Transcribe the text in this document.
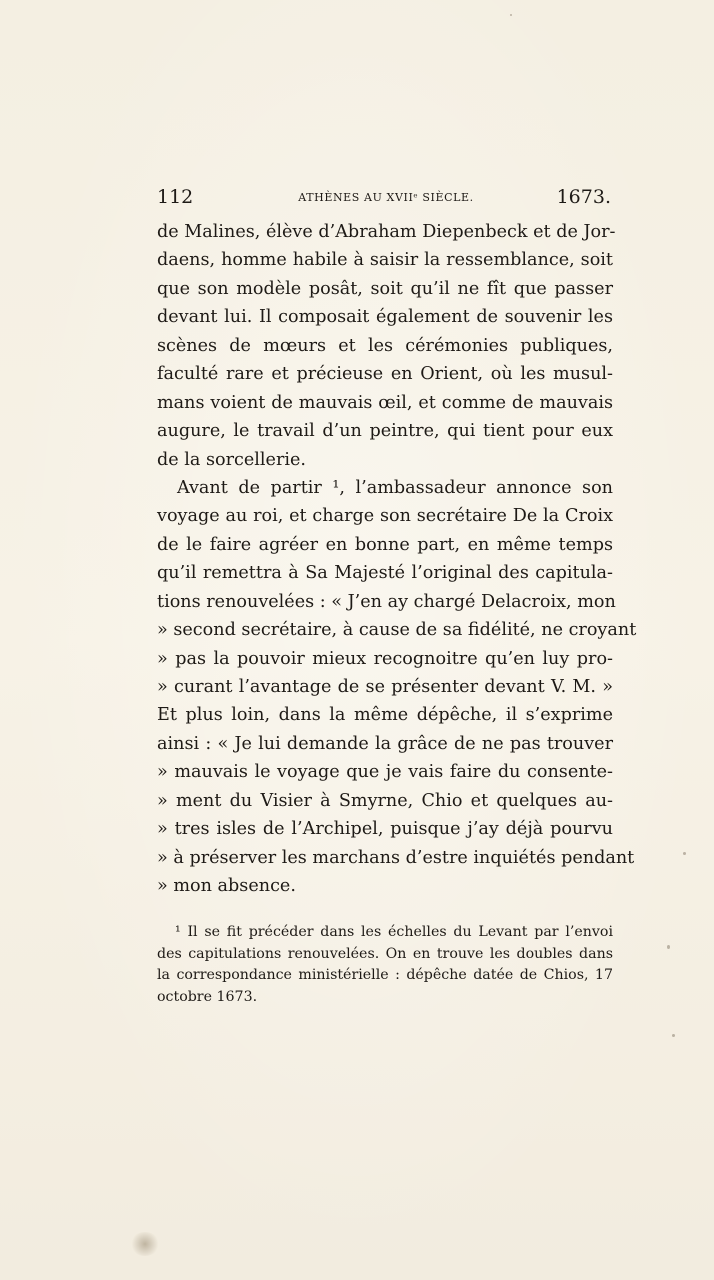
112	ATHÈNES AU XVIIᵉ SIÈCLE.	1673.
de Malines, élève d’Abraham Diepenbeck et de Jor-
daens, homme habile à saisir la ressemblance, soit
que son modèle posât, soit qu’il ne fît que passer
devant lui. Il composait également de souvenir les
scènes de mœurs et les cérémonies publiques,
faculté rare et précieuse en Orient, où les musul-
mans voient de mauvais œil, et comme de mauvais
augure, le travail d’un peintre, qui tient pour eux
de la sorcellerie.
Avant de partir ¹, l’ambassadeur annonce son
voyage au roi, et charge son secrétaire De la Croix
de le faire agréer en bonne part, en même temps
qu’il remettra à Sa Majesté l’original des capitula-
tions renouvelées : « J’en ay chargé Delacroix, mon
» second secrétaire, à cause de sa fidélité, ne croyant
» pas la pouvoir mieux recognoitre qu’en luy pro-
» curant l’avantage de se présenter devant V. M. »
Et plus loin, dans la même dépêche, il s’exprime
ainsi : « Je lui demande la grâce de ne pas trouver
» mauvais le voyage que je vais faire du consente-
» ment du Visier à Smyrne, Chio et quelques au-
» tres isles de l’Archipel, puisque j’ay déjà pourvu
» à préserver les marchans d’estre inquiétés pendant
» mon absence.
¹ Il se fit précéder dans les échelles du Levant par l’envoi
des capitulations renouvelées. On en trouve les doubles dans
la correspondance ministérielle : dépêche datée de Chios, 17
octobre 1673.
